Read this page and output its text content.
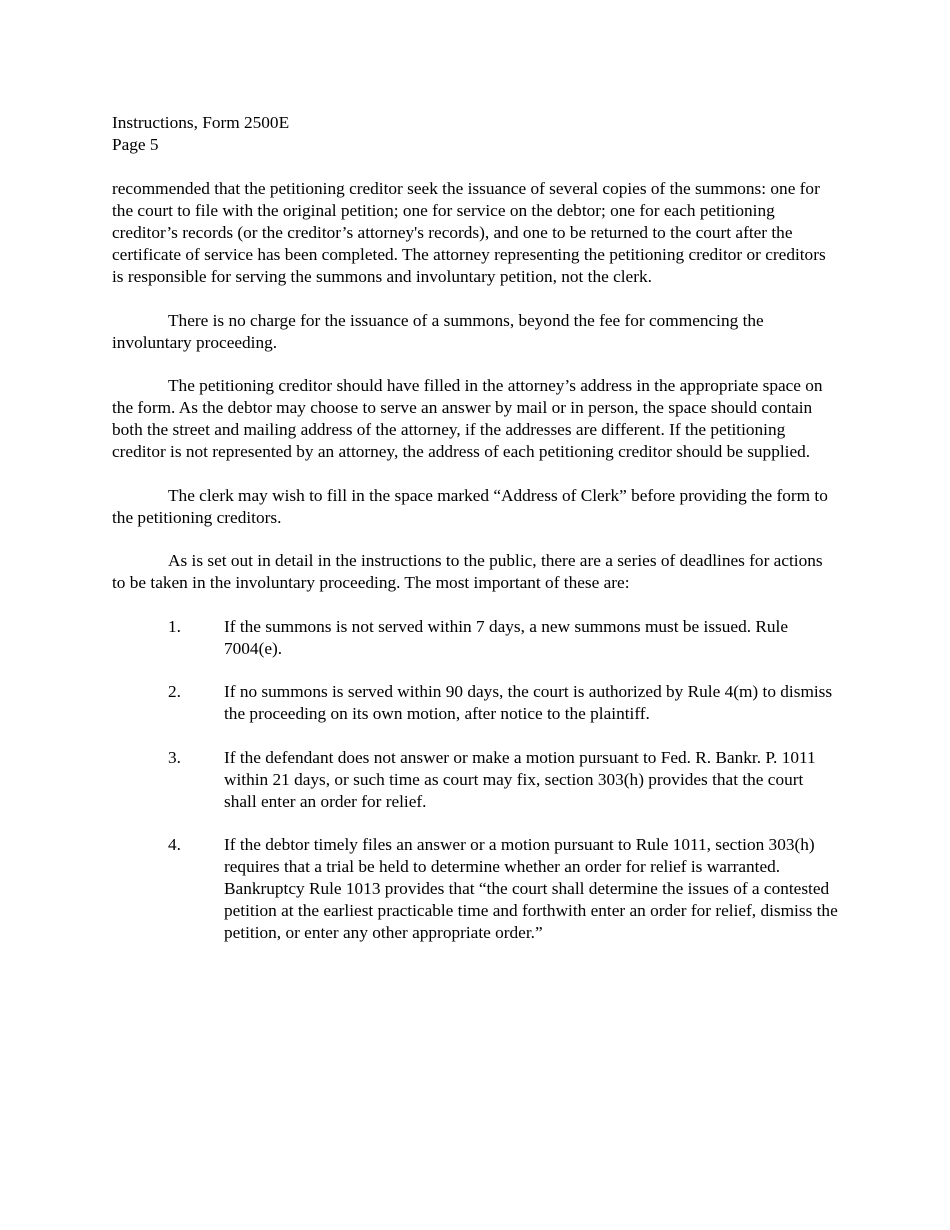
Instructions, Form 2500E
Page 5

recommended that the petitioning creditor seek the issuance of several copies of the summons: one for the court to file with the original petition; one for service on the debtor; one for each petitioning creditor’s records (or the creditor’s attorney's records), and one to be returned to the court after the certificate of service has been completed. The attorney representing the petitioning creditor or creditors is responsible for serving the summons and involuntary petition, not the clerk.

There is no charge for the issuance of a summons, beyond the fee for commencing the involuntary proceeding.

The petitioning creditor should have filled in the attorney’s address in the appropriate space on the form. As the debtor may choose to serve an answer by mail or in person, the space should contain both the street and mailing address of the attorney, if the addresses are different. If the petitioning creditor is not represented by an attorney, the address of each petitioning creditor should be supplied.

The clerk may wish to fill in the space marked “Address of Clerk” before providing the form to the petitioning creditors.

As is set out in detail in the instructions to the public, there are a series of deadlines for actions to be taken in the involuntary proceeding. The most important of these are:

1.	If the summons is not served within 7 days, a new summons must be issued. Rule 7004(e).
2.	If no summons is served within 90 days, the court is authorized by Rule 4(m) to dismiss the proceeding on its own motion, after notice to the plaintiff.
3.	If the defendant does not answer or make a motion pursuant to Fed. R. Bankr. P. 1011 within 21 days, or such time as court may fix, section 303(h) provides that the court shall enter an order for relief.
4.	If the debtor timely files an answer or a motion pursuant to Rule 1011, section 303(h) requires that a trial be held to determine whether an order for relief is warranted. Bankruptcy Rule 1013 provides that “the court shall determine the issues of a contested petition at the earliest practicable time and forthwith enter an order for relief, dismiss the petition, or enter any other appropriate order.”
